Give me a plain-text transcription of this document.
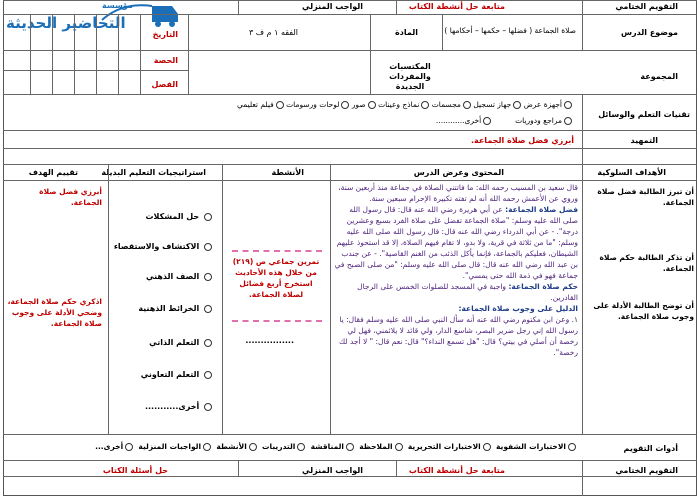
مؤسسة
التحاضير الحديثة
التقويم الختامي
متابعة حل أنشطة الكتاب
الواجب المنزلي
موضوع الدرس
صلاة الجماعة ( فضلها – حكمها – أحكامها )
المادة
الفقه ١ م ف ٣
التاريخ
المجموعة
المكتسبات والمفردات الجديدة
الحصة
الفصل
تقنيات التعلم والوسائل
أجهزة عرض جهاز تسجيل مجسمات نماذج وعينات صور لوحات ورسومات فيلم تعليمي
مراجع ودوريات          أخرى............
التمهيد
أبرزي فضل صلاة الجماعة.
الأهداف السلوكية
المحتوى وعرض الدرس
الأنشطة
استراتيجيات التعليم البديلة
تقييم الهدف
أن تبرز الطالبة فضل صلاة الجماعة.
أن تذكر الطالبة حكم صلاة الجماعة.
أن توضح الطالبة الأدلة على وجوب صلاة الجماعة.
قال سعيد بن المسيب رحمه الله: ما فاتتني الصلاة في جماعة منذ أربعين سنة، وروي عن الأعمش رحمه الله أنه لم تفته تكبيرة الإحرام سبعين سنة.
فضل صلاة الجماعة: عن أبي هريرة رضي الله عنه قال: قال رسول الله صلى الله عليه وسلم: "صلاة الجماعة تفضل على صلاة الفرد بسبع وعشرين درجة". - عن أبي الدرداء رضي الله عنه قال: قال رسول الله صلى الله عليه وسلم: "ما من ثلاثة في قرية، ولا بدو، لا تقام فيهم الصلاة، إلا قد استحوذ عليهم الشيطان، فعليكم بالجماعة، فإنما يأكل الذئب من الغنم القاصية". - عن جندب بن عبد الله رضي الله عنه قال: قال صلى الله عليه وسلم: "من صلى الصبح في جماعة فهو في ذمة الله حتى يمسي".
حكم صلاة الجماعة: واجبة في المسجد للصلوات الخمس على الرجال القادرين.
الدليل على وجوب صلاة الجماعة:
١. وعن ابن مكتوم رضي الله عنه أنه سأل النبي صلى الله عليه وسلم فقال: يا رسول الله إني رجل ضرير البصر، شاسع الدار، ولي قائد لا يلائمني، فهل لي رخصة أن أصلي في بيتي؟ قال: "هل تسمع النداء؟" قال: نعم قال: " لا أجد لك رخصة".
تمرين جماعي ص (٢١٩) من خلال هذه الأحاديث استخرج أربع فضائل لصلاة الجماعة.
................
حل المشكلات
الاكتشاف والاستقصاء
الصف الذهني
الخرائط الذهنية
التعلم الذاتي
التعلم التعاوني
أخرى...........
أبرزي فضل صلاة الجماعة.
اذكري حكم صلاة الجماعة، وضحي الأدلة على وجوب صلاة الجماعة.
أدوات التقويم
الاختبارات الشفوية  الاختبارات التحريرية  الملاحظة  المناقشة  التدريبات  الأنشطة  الواجبات المنزلية  أخرى...
التقويم الختامي
متابعة حل أنشطة الكتاب
الواجب المنزلي
حل أسئلة الكتاب
